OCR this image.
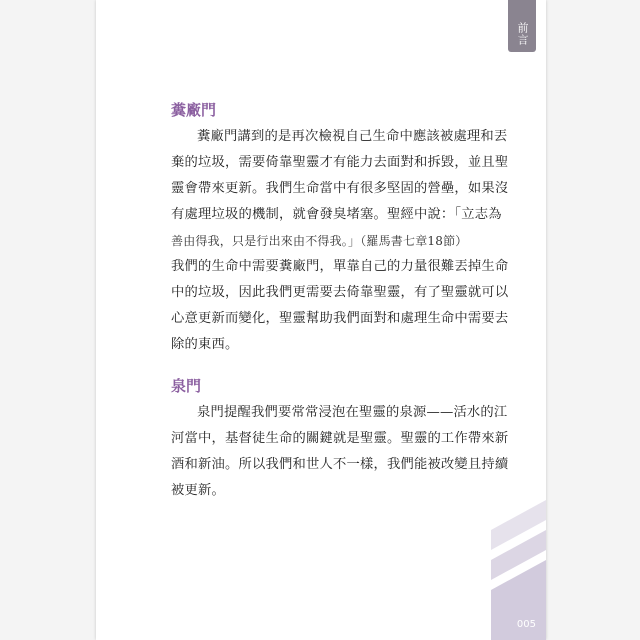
前言
糞廠門
糞廠門講到的是再次檢視自己生命中應該被處理和丟
棄的垃圾，需要倚靠聖靈才有能力去面對和拆毀，並且聖
靈會帶來更新。我們生命當中有很多堅固的營壘，如果沒
有處理垃圾的機制，就會發臭堵塞。聖經中說：「立志為
善由得我，只是行出來由不得我。」（羅馬書七章18節）
我們的生命中需要糞廠門，單靠自己的力量很難丟掉生命
中的垃圾，因此我們更需要去倚靠聖靈，有了聖靈就可以
心意更新而變化，聖靈幫助我們面對和處理生命中需要去
除的東西。
泉門
泉門提醒我們要常常浸泡在聖靈的泉源——活水的江
河當中，基督徒生命的關鍵就是聖靈。聖靈的工作帶來新
酒和新油。所以我們和世人不一樣，我們能被改變且持續
被更新。
005
